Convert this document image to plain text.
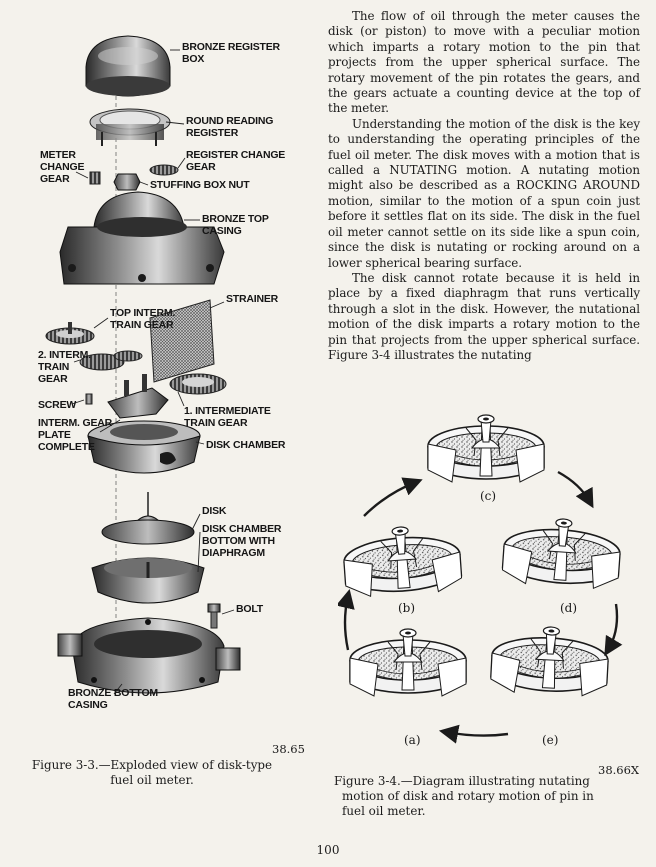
BRONZE REGISTER BOX
ROUND READING REGISTER
REGISTER CHANGE GEAR
METER CHANGE GEAR	STUFFING BOX NUT
BRONZE TOP CASING
STRAINER
TOP INTERM. TRAIN GEAR
2. INTERM. TRAIN GEAR
SCREW	1. INTERMEDIATE TRAIN GEAR
INTERM. GEAR PLATE COMPLETE	DISK CHAMBER
DISK
DISK CHAMBER BOTTOM WITH DIAPHRAGM
BOLT
BRONZE BOTTOM CASING
38.65
Figure 3-3.—Exploded view of disk-type
fuel oil meter.

The flow of oil through the meter causes the disk (or piston) to move with a peculiar motion which imparts a rotary motion to the pin that projects from the upper spherical surface. The rotary movement of the pin rotates the gears, and the gears actuate a counting device at the top of the meter.

Understanding the motion of the disk is the key to understanding the operating principles of the fuel oil meter. The disk moves with a motion that is called a NUTATING motion. A nutating motion might also be described as a ROCKING AROUND motion, similar to the motion of a spun coin just before it settles flat on its side. The disk in the fuel oil meter cannot settle on its side like a spun coin, since the disk is nutating or rocking around on a lower spherical bearing surface.

The disk cannot rotate because it is held in place by a fixed diaphragm that runs vertically through a slot in the disk. However, the nutational motion of the disk imparts a rotary motion to the pin that projects from the upper spherical surface. Figure 3-4 illustrates the nutating

(c)
(b)	(d)
(a)	(e)
38.66X
Figure 3-4.—Diagram illustrating nutating
motion of disk and rotary motion of pin in
fuel oil meter.
100
